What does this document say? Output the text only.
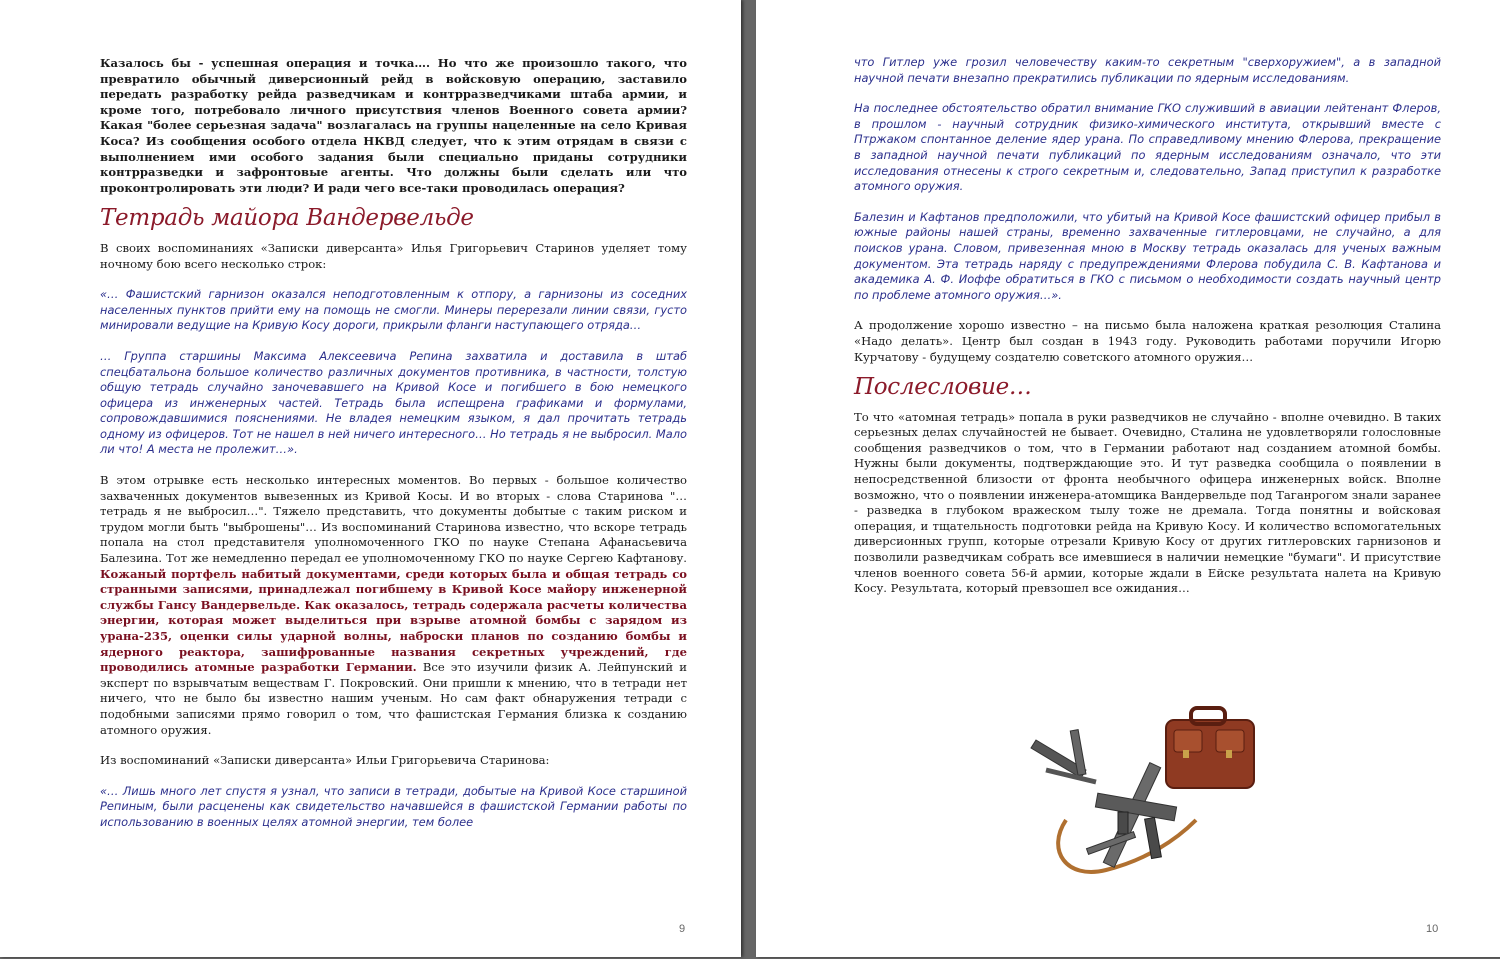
Казалось бы - успешная операция и точка…. Но что же произошло такого, что превратило обычный диверсионный рейд в войсковую операцию, заставило передать разработку рейда разведчикам и контрразведчиками штаба армии, и кроме того, потребовало личного присутствия членов Военного совета армии? Какая "более серьезная задача" возлагалась на группы нацеленные на село Кривая Коса? Из сообщения особого отдела НКВД следует, что к этим отрядам в связи с выполнением ими особого задания были специально приданы сотрудники контрразведки и зафронтовые агенты. Что должны были сделать или что проконтролировать эти люди? И ради чего все-таки проводилась операция?

Тетрадь майора Вандервельде

В своих воспоминаниях «Записки диверсанта» Илья Григорьевич Старинов уделяет тому ночному бою всего несколько строк:

«… Фашистский гарнизон оказался неподготовленным к отпору, а гарнизоны из соседних населенных пунктов прийти ему на помощь не смогли. Минеры перерезали линии связи, густо минировали ведущие на Кривую Косу дороги, прикрыли фланги наступающего отряда…

… Группа старшины Максима Алексеевича Репина захватила и доставила в штаб спецбатальона большое количество различных документов противника, в частности, толстую общую тетрадь случайно заночевавшего на Кривой Косе и погибшего в бою немецкого офицера из инженерных частей. Тетрадь была испещрена графиками и формулами, сопровождавшимися пояснениями. Не владея немецким языком, я дал прочитать тетрадь одному из офицеров. Тот не нашел в ней ничего интересного… Но тетрадь я не выбросил. Мало ли что! А места не пролежит…».

В этом отрывке есть несколько интересных моментов. Во первых - большое количество захваченных документов вывезенных из Кривой Косы. И во вторых - слова Старинова "…тетрадь я не выбросил…". Тяжело представить, что документы добытые с таким риском и трудом могли быть "выброшены"… Из воспоминаний Старинова известно, что вскоре тетрадь попала на стол представителя уполномоченного ГКО по науке Степана Афанасьевича Балезина. Тот же немедленно передал ее уполномоченному ГКО по науке Сергею Кафтанову. Кожаный портфель набитый документами, среди которых была и общая тетрадь со странными записями, принадлежал погибшему в Кривой Косе майору инженерной службы Гансу Вандервельде. Как оказалось, тетрадь содержала расчеты количества энергии, которая может выделиться при взрыве атомной бомбы с зарядом из урана-235, оценки силы ударной волны, наброски планов по созданию бомбы и ядерного реактора, зашифрованные названия секретных учреждений, где проводились атомные разработки Германии. Все это изучили физик А. Лейпунский и эксперт по взрывчатым веществам Г. Покровский. Они пришли к мнению, что в тетради нет ничего, что не было бы известно нашим ученым. Но сам факт обнаружения тетради с подобными записями прямо говорил о том, что фашистская Германия близка к созданию атомного оружия.

Из воспоминаний «Записки диверсанта» Ильи Григорьевича Старинова:

«… Лишь много лет спустя я узнал, что записи в тетради, добытые на Кривой Косе старшиной Репиным, были расценены как свидетельство начавшейся в фашистской Германии работы по использованию в военных целях атомной энергии, тем более

9

что Гитлер уже грозил человечеству каким-то секретным "сверхоружием", а в западной научной печати внезапно прекратились публикации по ядерным исследованиям.

На последнее обстоятельство обратил внимание ГКО служивший в авиации лейтенант Флеров, в прошлом - научный сотрудник физико-химического института, открывший вместе с Птржаком спонтанное деление ядер урана. По справедливому мнению Флерова, прекращение в западной научной печати публикаций по ядерным исследованиям означало, что эти исследования отнесены к строго секретным и, следовательно, Запад приступил к разработке атомного оружия.

Балезин и Кафтанов предположили, что убитый на Кривой Косе фашистский офицер прибыл в южные районы нашей страны, временно захваченные гитлеровцами, не случайно, а для поисков урана. Словом, привезенная мною в Москву тетрадь оказалась для ученых важным документом. Эта тетрадь наряду с предупреждениями Флерова побудила С. В. Кафтанова и академика А. Ф. Иоффе обратиться в ГКО с письмом о необходимости создать научный центр по проблеме атомного оружия…».

А продолжение хорошо известно – на письмо была наложена краткая резолюция Сталина «Надо делать». Центр был создан в 1943 году. Руководить работами поручили Игорю Курчатову - будущему создателю советского атомного оружия…

Послесловие…

То что «атомная тетрадь» попала в руки разведчиков не случайно - вполне очевидно. В таких серьезных делах случайностей не бывает. Очевидно, Сталина не удовлетворяли голословные сообщения разведчиков о том, что в Германии работают над созданием атомной бомбы. Нужны были документы, подтверждающие это. И тут разведка сообщила о появлении в непосредственной близости от фронта необычного офицера инженерных войск. Вполне возможно, что о появлении инженера-атомщика Вандервельде под Таганрогом знали заранее - разведка в глубоком вражеском тылу тоже не дремала. Тогда понятны и войсковая операция, и тщательность подготовки рейда на Кривую Косу. И количество вспомогательных диверсионных групп, которые отрезали Кривую Косу от других гитлеровских гарнизонов и позволили разведчикам собрать все имевшиеся в наличии немецкие "бумаги". И присутствие членов военного совета 56-й армии, которые ждали в Ейске результата налета на Кривую Косу. Результата, который превзошел все ожидания…

10
